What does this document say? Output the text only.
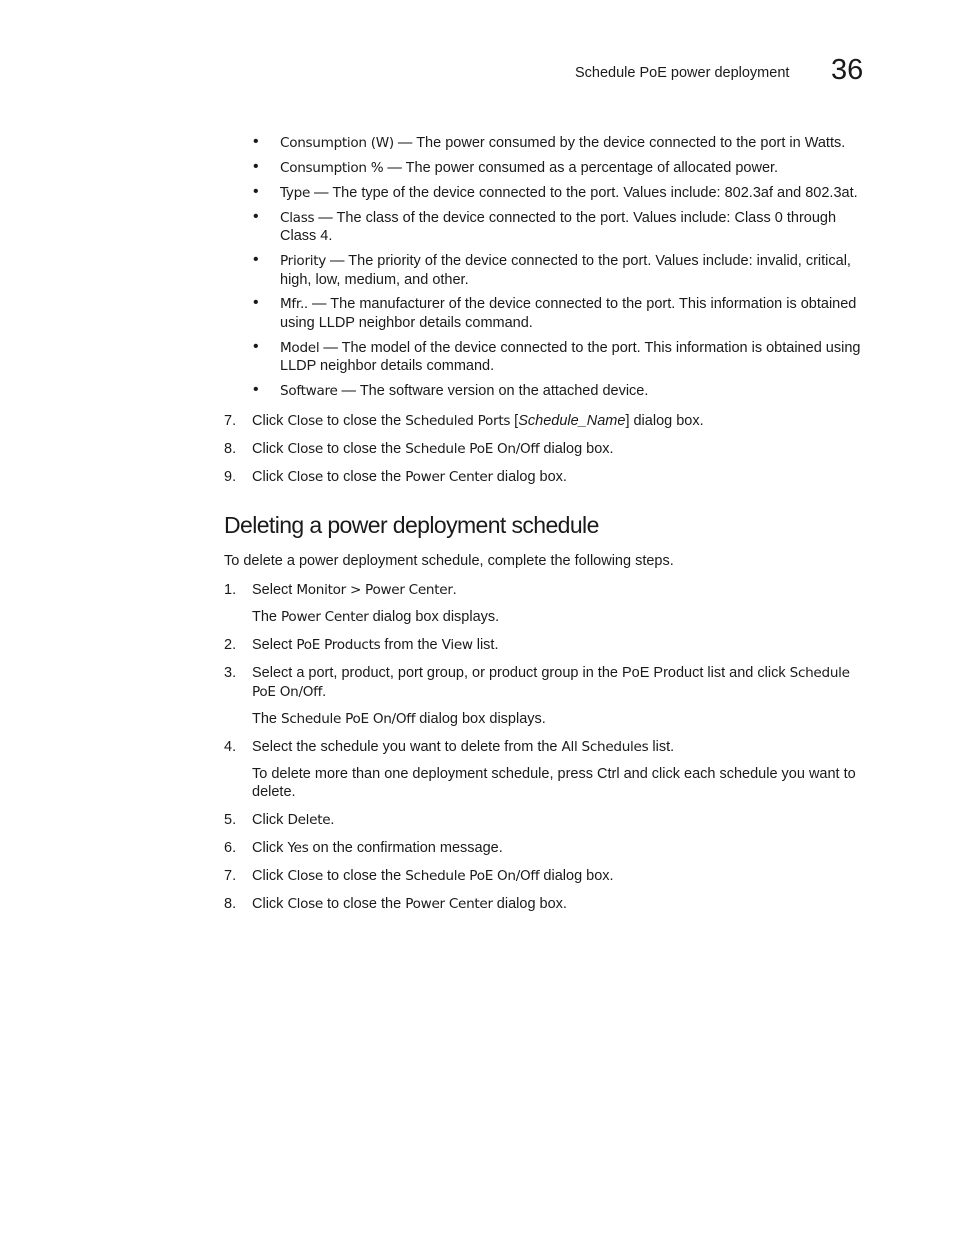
Schedule PoE power deployment 36
• Consumption (W) — The power consumed by the device connected to the port in Watts.
• Consumption % — The power consumed as a percentage of allocated power.
• Type — The type of the device connected to the port. Values include: 802.3af and 802.3at.
• Class — The class of the device connected to the port. Values include: Class 0 through Class 4.
• Priority — The priority of the device connected to the port. Values include: invalid, critical, high, low, medium, and other.
• Mfr.. — The manufacturer of the device connected to the port. This information is obtained using LLDP neighbor details command.
• Model — The model of the device connected to the port. This information is obtained using LLDP neighbor details command.
• Software — The software version on the attached device.
7. Click Close to close the Scheduled Ports [Schedule_Name] dialog box.
8. Click Close to close the Schedule PoE On/Off dialog box.
9. Click Close to close the Power Center dialog box.
Deleting a power deployment schedule
To delete a power deployment schedule, complete the following steps.
1. Select Monitor > Power Center.
The Power Center dialog box displays.
2. Select PoE Products from the View list.
3. Select a port, product, port group, or product group in the PoE Product list and click Schedule PoE On/Off.
The Schedule PoE On/Off dialog box displays.
4. Select the schedule you want to delete from the All Schedules list.
To delete more than one deployment schedule, press Ctrl and click each schedule you want to delete.
5. Click Delete.
6. Click Yes on the confirmation message.
7. Click Close to close the Schedule PoE On/Off dialog box.
8. Click Close to close the Power Center dialog box.
